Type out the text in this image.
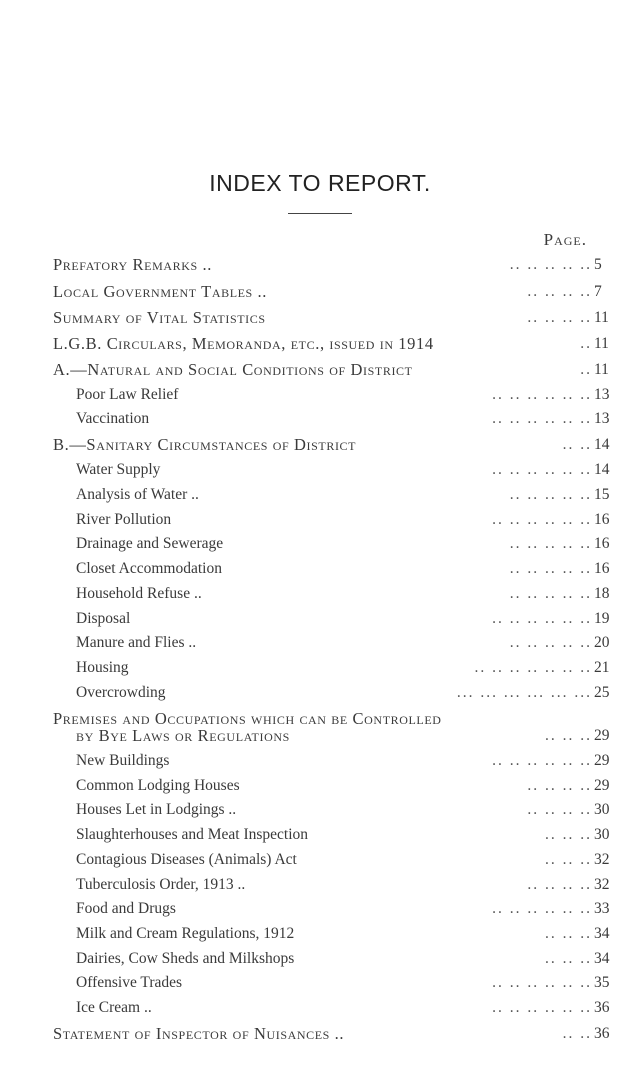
INDEX TO REPORT.
Page.
Prefatory Remarks ..	5
.. .. .. .. ..
Local Government Tables ..	7
.. .. .. ..
Summary of Vital Statistics	11
.. .. .. ..
L.G.B. Circulars, Memoranda, etc., issued in 1914	11
..
A.—Natural and Social Conditions of District	11
..
Poor Law Relief	13
.. .. .. .. .. ..
Vaccination	13
.. .. .. .. .. ..
B.—Sanitary Circumstances of District	14
.. ..
Water Supply	14
.. .. .. .. .. ..
Analysis of Water ..	15
.. .. .. .. ..
River Pollution	16
.. .. .. .. .. ..
Drainage and Sewerage	16
.. .. .. .. ..
Closet Accommodation	16
.. .. .. .. ..
Household Refuse ..	18
.. .. .. .. ..
Disposal	19
.. .. .. .. .. ..
Manure and Flies ..	20
.. .. .. .. ..
Housing	21
.. .. .. .. .. .. ..
Overcrowding	25
... ... ... ... ... ...
Premises and Occupations which can be Controlled
by Bye Laws or Regulations	29
.. .. ..
New Buildings	29
.. .. .. .. .. ..
Common Lodging Houses	29
.. .. .. ..
Houses Let in Lodgings ..	30
.. .. .. ..
Slaughterhouses and Meat Inspection	30
.. .. ..
Contagious Diseases (Animals) Act	32
.. .. ..
Tuberculosis Order, 1913 ..	32
.. .. .. ..
Food and Drugs	33
.. .. .. .. .. ..
Milk and Cream Regulations, 1912	34
.. .. ..
Dairies, Cow Sheds and Milkshops	34
.. .. ..
Offensive Trades	35
.. .. .. .. .. ..
Ice Cream ..	36
.. .. .. .. .. ..
Statement of Inspector of Nuisances ..	36
.. ..
